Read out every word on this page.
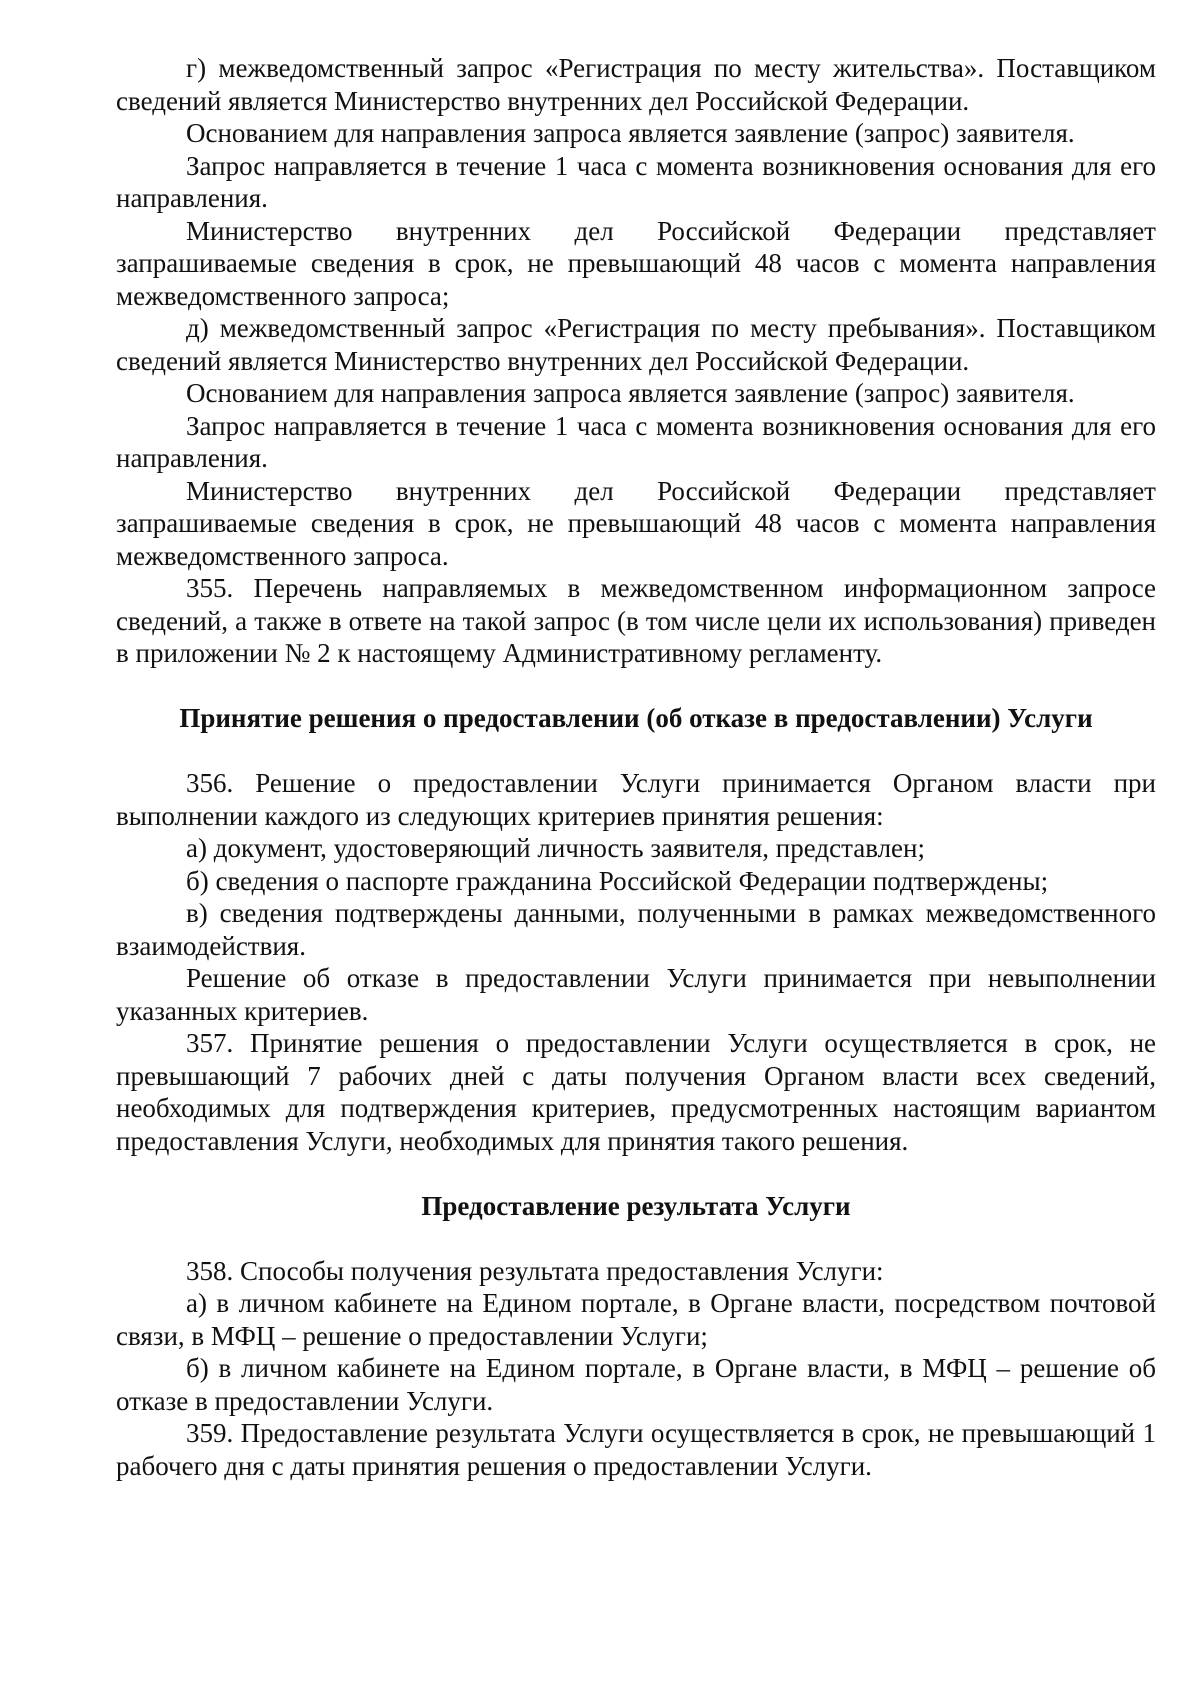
г) межведомственный запрос «Регистрация по месту жительства». Поставщиком сведений является Министерство внутренних дел Российской Федерации.

Основанием для направления запроса является заявление (запрос) заявителя.

Запрос направляется в течение 1 часа с момента возникновения основания для его направления.

Министерство внутренних дел Российской Федерации представляет запрашиваемые сведения в срок, не превышающий 48 часов с момента направления межведомственного запроса;

д) межведомственный запрос «Регистрация по месту пребывания». Поставщиком сведений является Министерство внутренних дел Российской Федерации.

Основанием для направления запроса является заявление (запрос) заявителя.

Запрос направляется в течение 1 часа с момента возникновения основания для его направления.

Министерство внутренних дел Российской Федерации представляет запрашиваемые сведения в срок, не превышающий 48 часов с момента направления межведомственного запроса.

355. Перечень направляемых в межведомственном информационном запросе сведений, а также в ответе на такой запрос (в том числе цели их использования) приведен в приложении № 2 к настоящему Административному регламенту.

Принятие решения о предоставлении (об отказе в предоставлении) Услуги

356. Решение о предоставлении Услуги принимается Органом власти при выполнении каждого из следующих критериев принятия решения:

а) документ, удостоверяющий личность заявителя, представлен;

б) сведения о паспорте гражданина Российской Федерации подтверждены;

в) сведения подтверждены данными, полученными в рамках межведомственного взаимодействия.

Решение об отказе в предоставлении Услуги принимается при невыполнении указанных критериев.

357. Принятие решения о предоставлении Услуги осуществляется в срок, не превышающий 7 рабочих дней с даты получения Органом власти всех сведений, необходимых для подтверждения критериев, предусмотренных настоящим вариантом предоставления Услуги, необходимых для принятия такого решения.

Предоставление результата Услуги

358. Способы получения результата предоставления Услуги:

а) в личном кабинете на Едином портале, в Органе власти, посредством почтовой связи, в МФЦ – решение о предоставлении Услуги;

б) в личном кабинете на Едином портале, в Органе власти, в МФЦ – решение об отказе в предоставлении Услуги.

359. Предоставление результата Услуги осуществляется в срок, не превышающий 1 рабочего дня с даты принятия решения о предоставлении Услуги.
